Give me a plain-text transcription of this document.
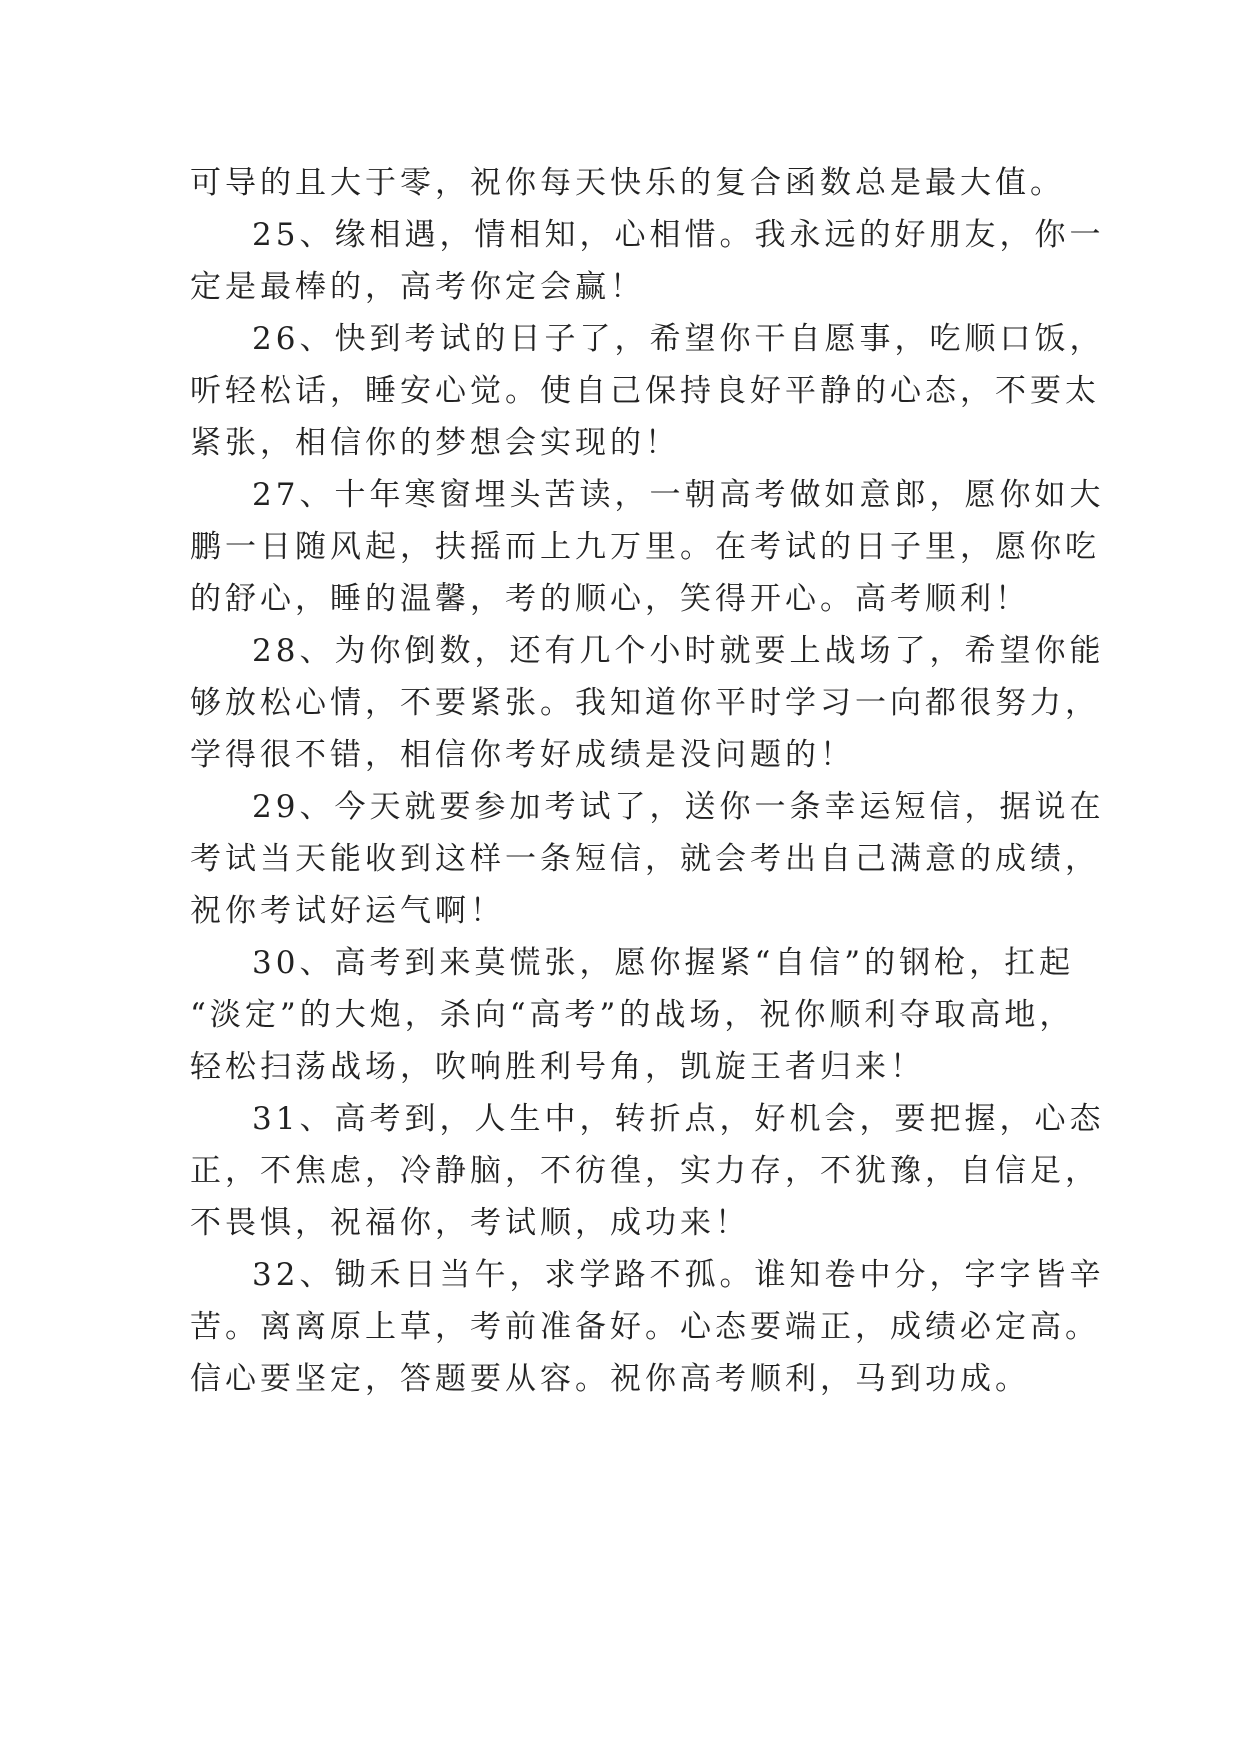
可导的且大于零，祝你每天快乐的复合函数总是最大值。
25、缘相遇，情相知，心相惜。我永远的好朋友，你一
定是最棒的，高考你定会赢！
26、快到考试的日子了，希望你干自愿事，吃顺口饭，
听轻松话，睡安心觉。使自己保持良好平静的心态，不要太
紧张，相信你的梦想会实现的！
27、十年寒窗埋头苦读，一朝高考做如意郎，愿你如大
鹏一日随风起，扶摇而上九万里。在考试的日子里，愿你吃
的舒心，睡的温馨，考的顺心，笑得开心。高考顺利！
28、为你倒数，还有几个小时就要上战场了，希望你能
够放松心情，不要紧张。我知道你平时学习一向都很努力，
学得很不错，相信你考好成绩是没问题的！
29、今天就要参加考试了，送你一条幸运短信，据说在
考试当天能收到这样一条短信，就会考出自己满意的成绩，
祝你考试好运气啊！
30、高考到来莫慌张，愿你握紧“自信”的钢枪，扛起
“淡定”的大炮，杀向“高考”的战场，祝你顺利夺取高地，
轻松扫荡战场，吹响胜利号角，凯旋王者归来！
31、高考到，人生中，转折点，好机会，要把握，心态
正，不焦虑，冷静脑，不彷徨，实力存，不犹豫，自信足，
不畏惧，祝福你，考试顺，成功来！
32、锄禾日当午，求学路不孤。谁知卷中分，字字皆辛
苦。离离原上草，考前准备好。心态要端正，成绩必定高。
信心要坚定，答题要从容。祝你高考顺利，马到功成。
